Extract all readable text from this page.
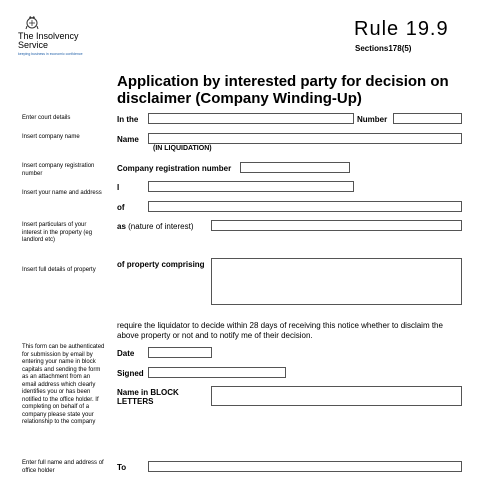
The Insolvency
Service
keeping business in economic confidence
Rule 19.9
Sections178(5)
Application by interested party for decision on disclaimer (Company Winding-Up)
Enter court details
Insert company name
Insert company registration number
Insert your name and address
Insert particulars of your interest in the property (eg landlord etc)
Insert full details of property
This form can be authenticated for submission by email by entering your name in block capitals and sending the form as an attachment from an email address which clearly identifies you or has been notified to the office holder. If completing on behalf of a company please state your relationship to the company
Enter full name and address of office holder
In the	Number
Name
(IN LIQUIDATION)
Company registration number
I
of
as (nature of interest)
of property comprising
require the liquidator to decide within 28 days of receiving this notice whether to disclaim the above property or not and to notify me of their decision.
Date
Signed
Name in BLOCK LETTERS
To
